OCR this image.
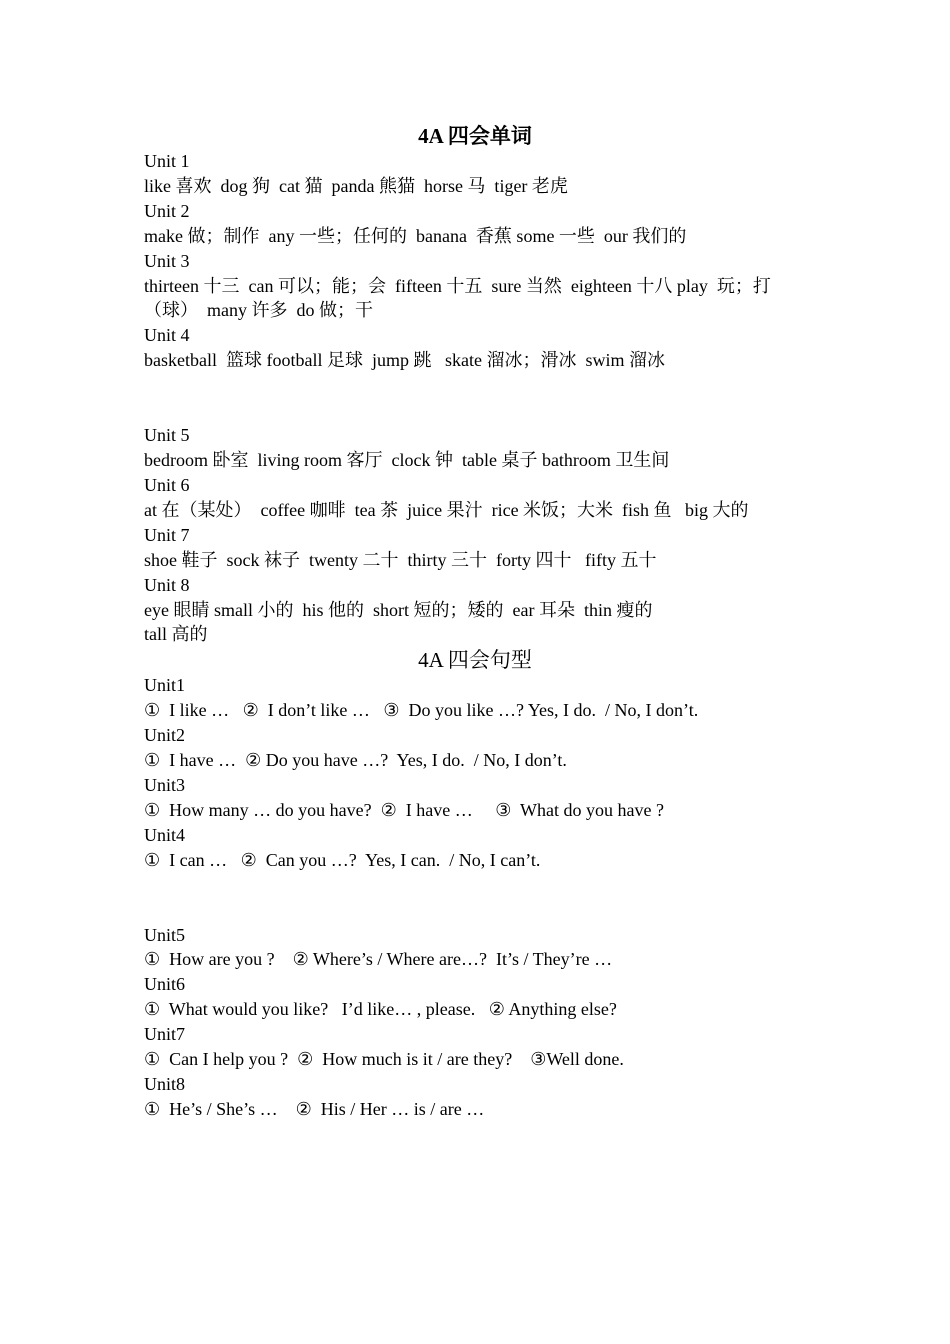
4A 四会单词
Unit 1
like 喜欢  dog 狗  cat 猫  panda 熊猫  horse 马  tiger 老虎
Unit 2
make 做；制作  any 一些；任何的  banana  香蕉 some 一些  our 我们的
Unit 3
thirteen 十三  can 可以；能；会  fifteen 十五  sure 当然  eighteen 十八 play  玩；打
（球）  many 许多  do 做；干
Unit 4
basketball  篮球 football 足球  jump 跳   skate 溜冰；滑冰  swim 溜冰
Unit 5
bedroom 卧室  living room 客厅  clock 钟  table 桌子 bathroom 卫生间
Unit 6
at 在（某处）  coffee 咖啡  tea 茶  juice 果汁  rice 米饭；大米  fish 鱼   big 大的
Unit 7
shoe 鞋子  sock 袜子  twenty 二十  thirty 三十  forty 四十   fifty 五十
Unit 8
eye 眼睛 small 小的  his 他的  short 短的；矮的  ear 耳朵  thin 瘦的
tall 高的
4A 四会句型
Unit1
①  I like …   ②  I don’t like …   ③  Do you like …? Yes, I do.  / No, I don’t.
Unit2
①  I have …  ② Do you have …?  Yes, I do.  / No, I don’t.
Unit3
①  How many … do you have?  ②  I have …     ③  What do you have ?
Unit4
①  I can …   ②  Can you …?  Yes, I can.  / No, I can’t.
Unit5
①  How are you ?    ② Where’s / Where are…?  It’s / They’re …
Unit6
①  What would you like?   I’d like… , please.   ② Anything else?
Unit7
①  Can I help you ?  ②  How much is it / are they?    ③Well done.
Unit8
①  He’s / She’s …    ②  His / Her … is / are …
